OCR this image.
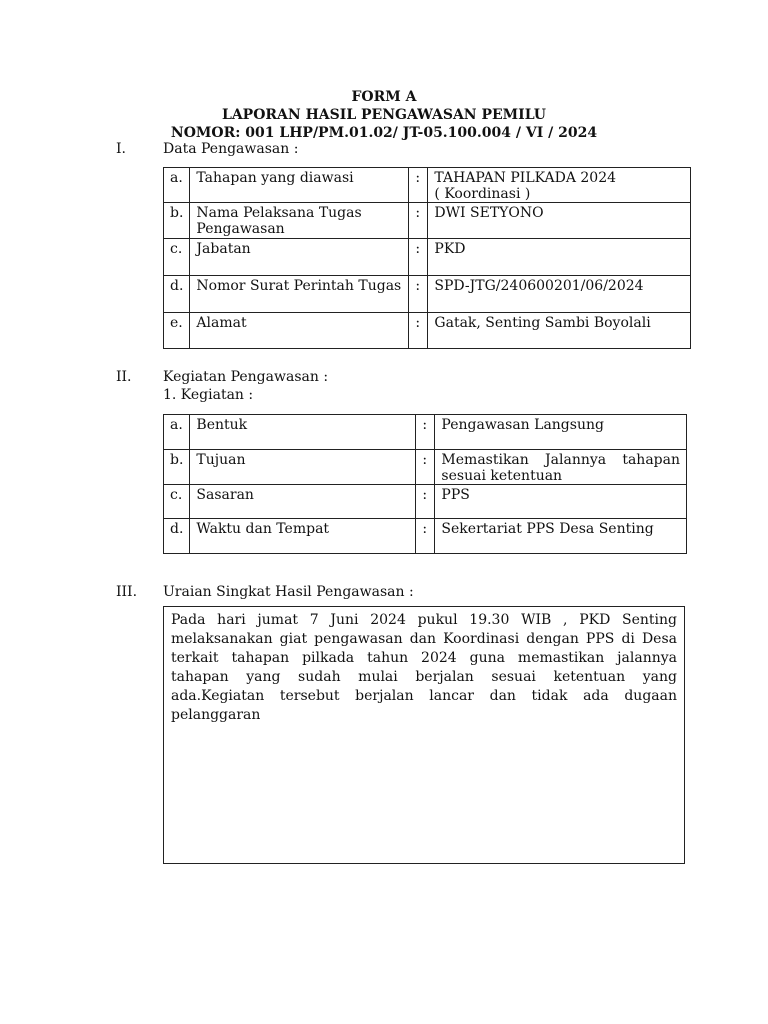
FORM A
LAPORAN HASIL PENGAWASAN PEMILU
NOMOR: 001 LHP/PM.01.02/ JT-05.100.004 / VI / 2024
I.	Data Pengawasan :
a.	Tahapan yang diawasi	:	TAHAPAN PILKADA 2024
( Koordinasi )

b.	Nama Pelaksana Tugas
Pengawasan	:	DWI SETYONO
c.	Jabatan	:	PKD
d.	Nomor Surat Perintah Tugas	:	SPD-JTG/240600201/06/2024
e.	Alamat	:	Gatak, Senting Sambi Boyolali
II. Kegiatan Pengawasan :
1. Kegiatan :
a.	Bentuk	:	Pengawasan Langsung
b.	Tujuan	:	Memastikan Jalannya tahapan
sesuai ketentuan

c.	Sasaran	:	PPS
d.	Waktu dan Tempat	:	Sekertariat PPS Desa Senting
III. Uraian Singkat Hasil Pengawasan :
Pada hari jumat 7 Juni 2024 pukul 19.30 WIB , PKD Senting melaksanakan giat pengawasan dan Koordinasi dengan PPS di Desa terkait tahapan pilkada tahun 2024 guna memastikan jalannya tahapan yang sudah mulai berjalan sesuai ketentuan yang ada.Kegiatan tersebut berjalan lancar dan tidak ada dugaan pelanggaran
